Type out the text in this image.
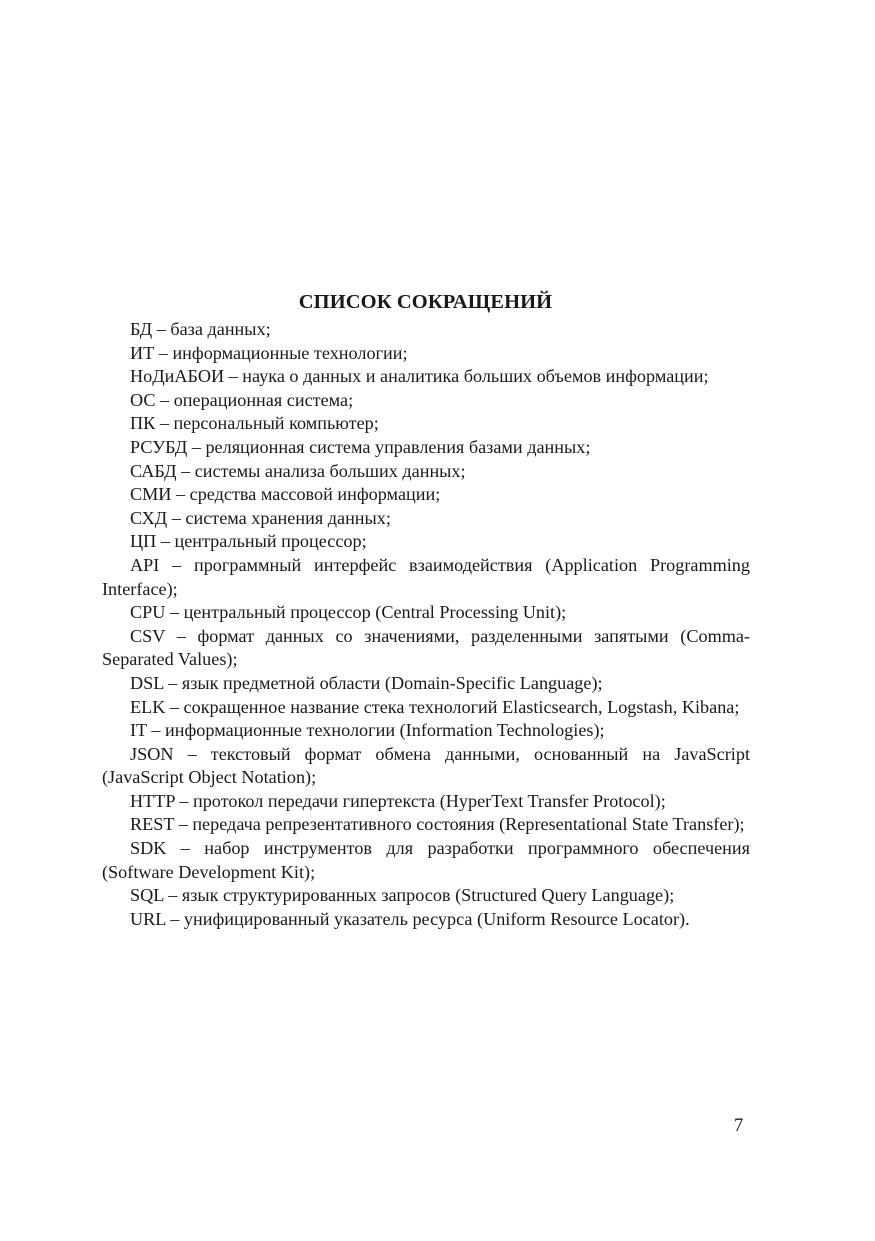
СПИСОК СОКРАЩЕНИЙ
БД – база данных;
ИТ – информационные технологии;
НоДиАБОИ – наука о данных и аналитика больших объемов информации;
ОС – операционная система;
ПК – персональный компьютер;
РСУБД – реляционная система управления базами данных;
САБД – системы анализа больших данных;
СМИ – средства массовой информации;
СХД – система хранения данных;
ЦП – центральный процессор;
API – программный интерфейс взаимодействия (Application Programming Interface);
CPU – центральный процессор (Central Processing Unit);
CSV – формат данных со значениями, разделенными запятыми (Comma-Separated Values);
DSL – язык предметной области (Domain-Specific Language);
ELK – сокращенное название стека технологий Elasticsearch, Logstash, Kibana;
IT – информационные технологии (Information Technologies);
JSON – текстовый формат обмена данными, основанный на JavaScript (JavaScript Object Notation);
HTTP – протокол передачи гипертекста (HyperText Transfer Protocol);
REST – передача репрезентативного состояния (Representational State Transfer);
SDK – набор инструментов для разработки программного обеспечения (Software Development Kit);
SQL – язык структурированных запросов (Structured Query Language);
URL – унифицированный указатель ресурса (Uniform Resource Locator).
7
